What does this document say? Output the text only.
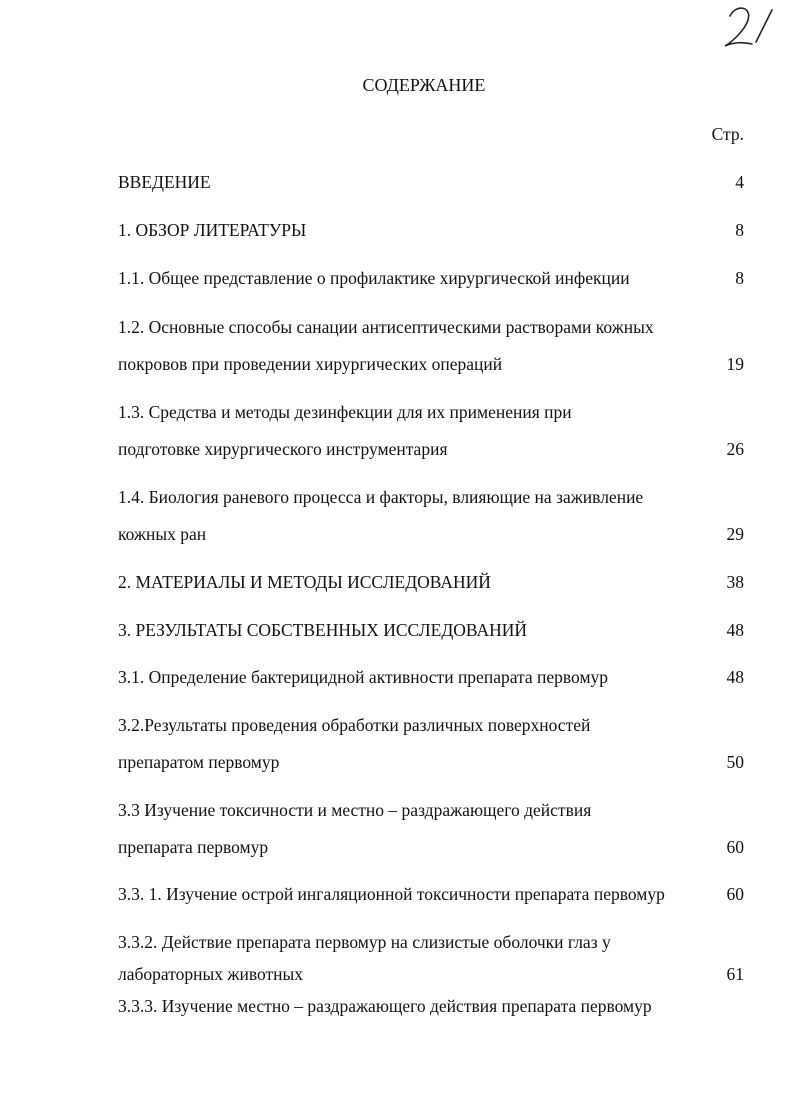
СОДЕРЖАНИЕ
Стр.
ВВЕДЕНИЕ	4
1. ОБЗОР ЛИТЕРАТУРЫ	8
1.1. Общее представление о профилактике хирургической инфекции	8
1.2. Основные способы санации антисептическими растворами кожных
покровов при проведении хирургических операций	19
1.3. Средства и методы дезинфекции для их применения при
подготовке хирургического инструментария	26
1.4. Биология раневого процесса и факторы, влияющие на заживление
кожных ран	29
2. МАТЕРИАЛЫ И МЕТОДЫ ИССЛЕДОВАНИЙ	38
3. РЕЗУЛЬТАТЫ СОБСТВЕННЫХ ИССЛЕДОВАНИЙ	48
3.1. Определение бактерицидной активности препарата первомур	48
3.2.Результаты проведения обработки различных поверхностей
препаратом первомур	50
3.3 Изучение токсичности и местно – раздражающего действия
препарата первомур	60
3.3. 1. Изучение острой ингаляционной токсичности препарата первомур	60
3.3.2. Действие препарата первомур на слизистые оболочки глаз у
лабораторных животных	61
3.3.3. Изучение местно – раздражающего действия препарата первомур
